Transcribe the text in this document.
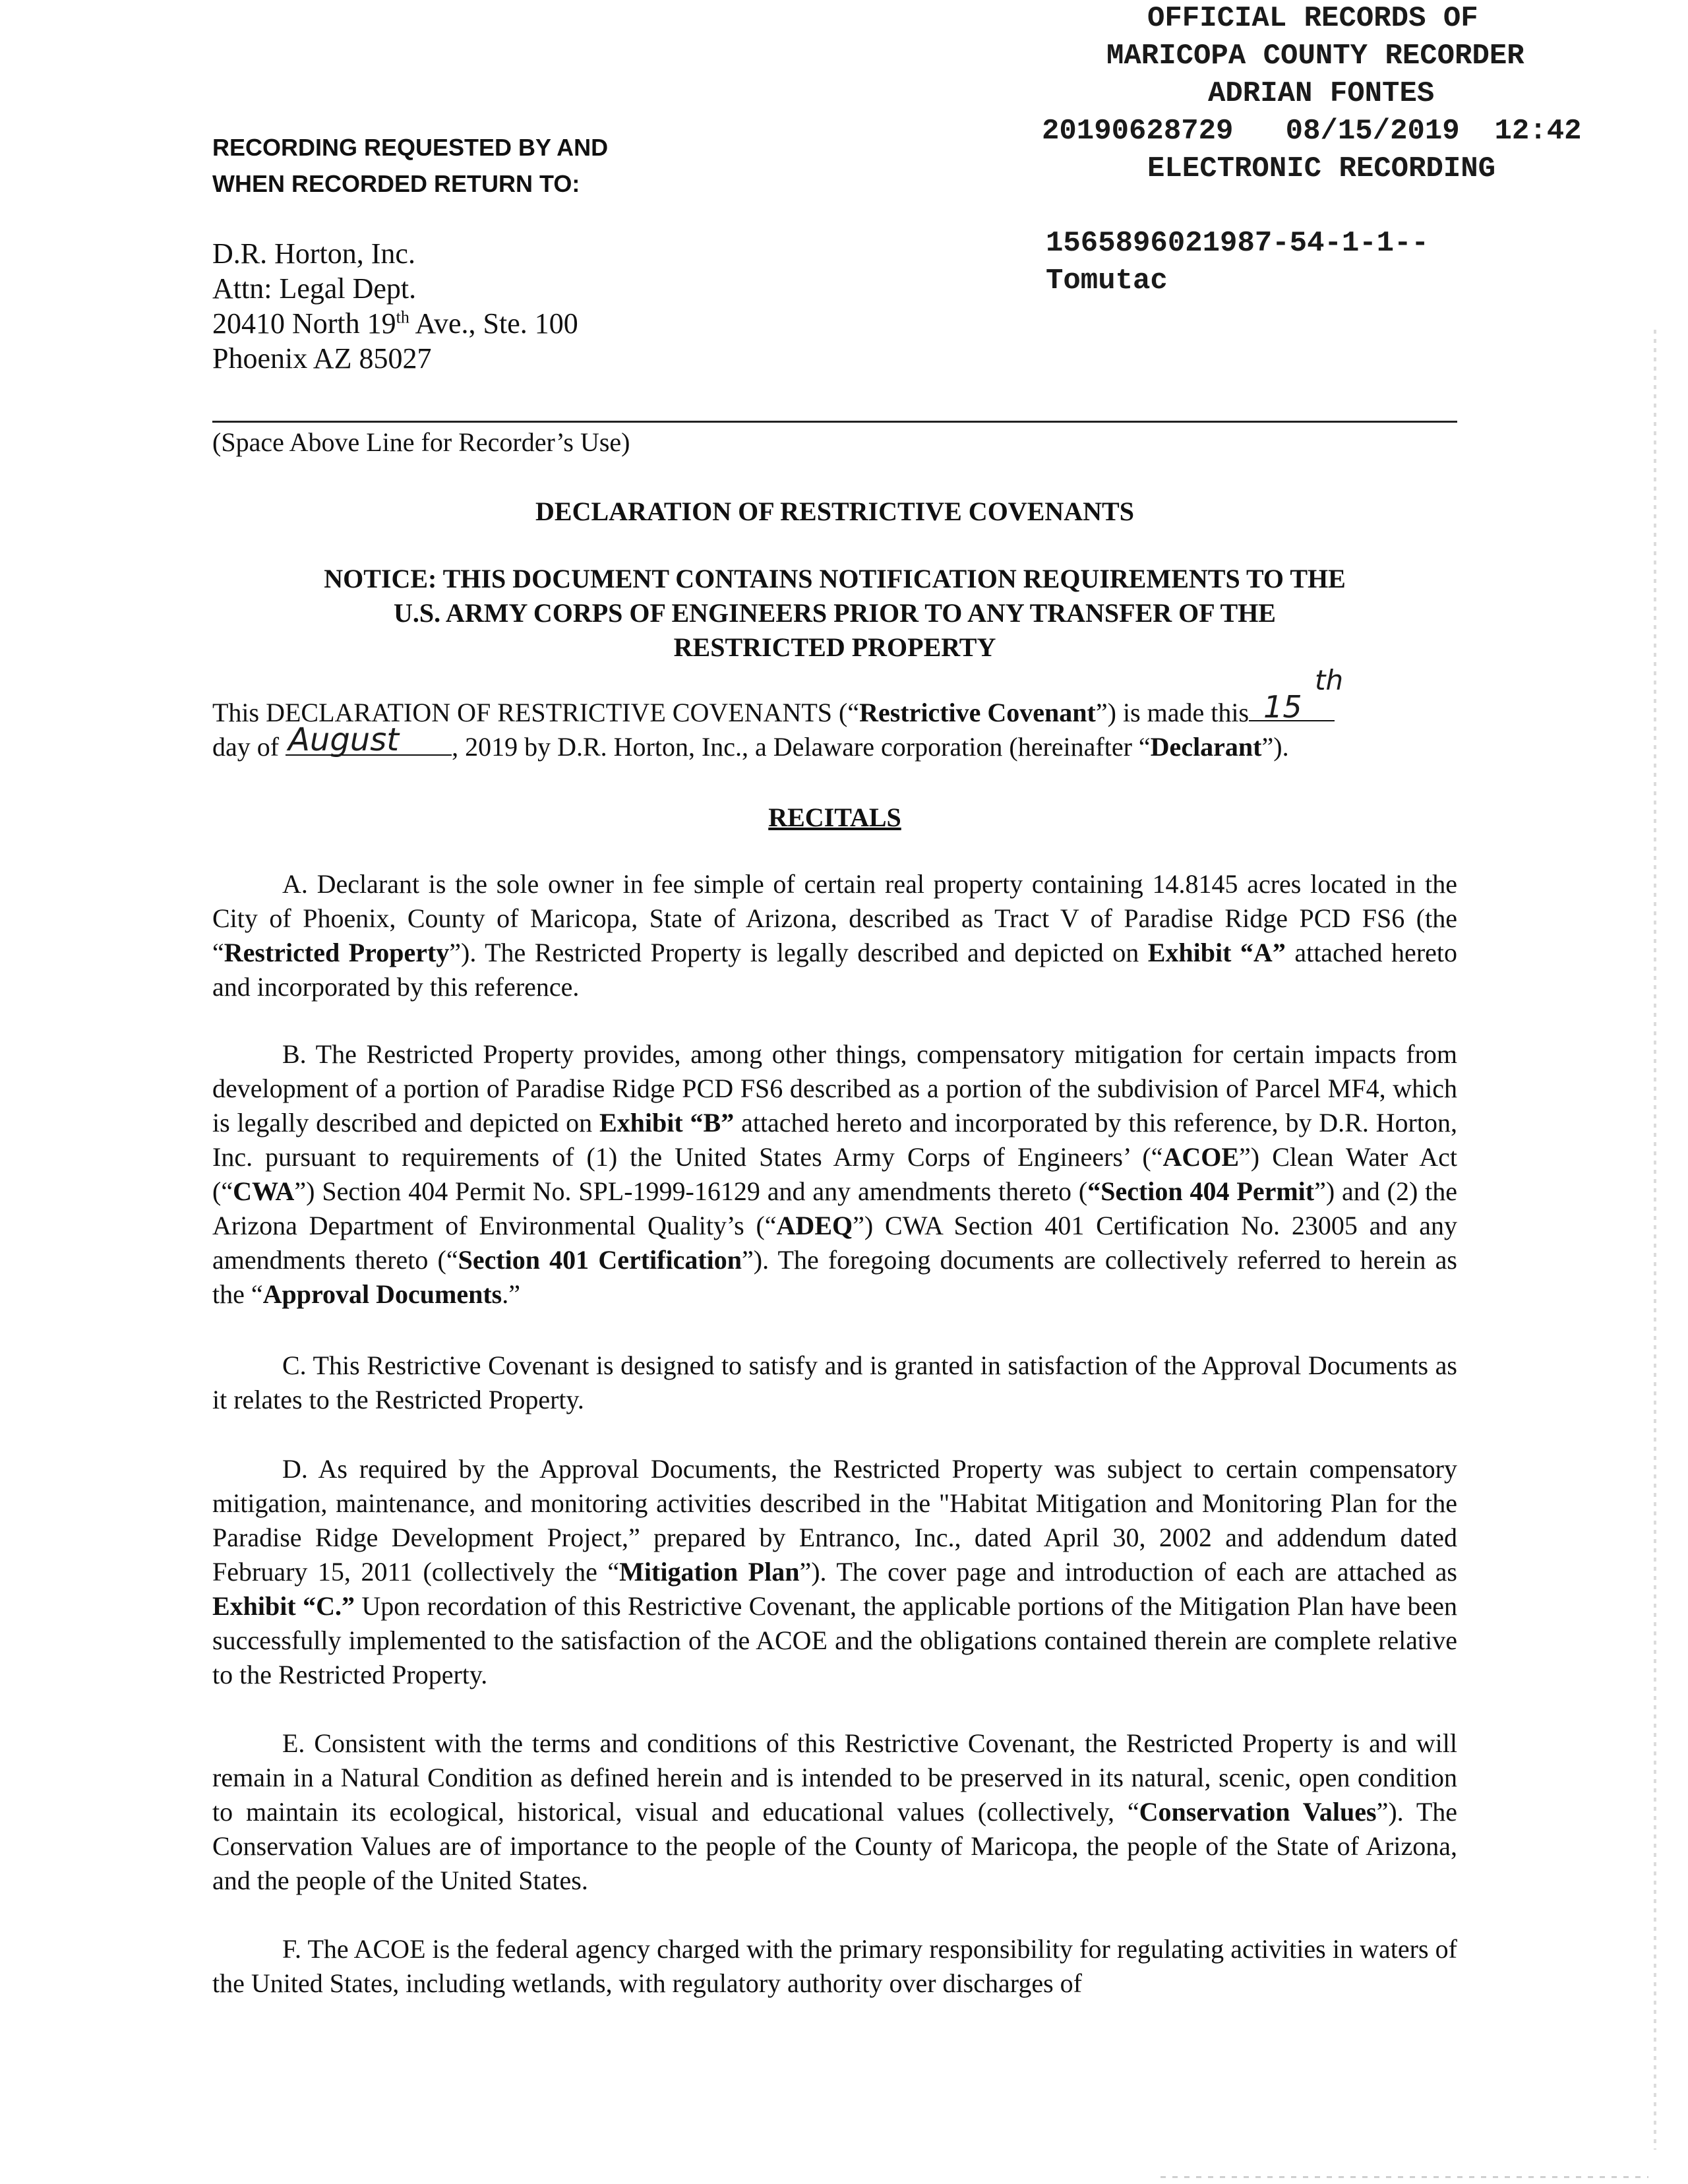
OFFICIAL RECORDS OF
MARICOPA COUNTY RECORDER
ADRIAN FONTES
20190628729 08/15/2019 12:42
ELECTRONIC RECORDING
1565896021987-54-1-1--
Tomutac
RECORDING REQUESTED BY AND
WHEN RECORDED RETURN TO:
D.R. Horton, Inc.
Attn: Legal Dept.
20410 North 19th Ave., Ste. 100
Phoenix AZ 85027
(Space Above Line for Recorder’s Use)
DECLARATION OF RESTRICTIVE COVENANTS
NOTICE: THIS DOCUMENT CONTAINS NOTIFICATION REQUIREMENTS TO THE
U.S. ARMY CORPS OF ENGINEERS PRIOR TO ANY TRANSFER OF THE
RESTRICTED PROPERTY
This DECLARATION OF RESTRICTIVE COVENANTS (“Restrictive Covenant”) is made this 15
th
day of August , 2019 by D.R. Horton, Inc., a Delaware corporation (hereinafter “Declarant”).
RECITALS
A. Declarant is the sole owner in fee simple of certain real property containing 14.8145 acres located in the City of Phoenix, County of Maricopa, State of Arizona, described as Tract V of Paradise Ridge PCD FS6 (the “Restricted Property”). The Restricted Property is legally described and depicted on Exhibit “A” attached hereto and incorporated by this reference.
B. The Restricted Property provides, among other things, compensatory mitigation for certain impacts from development of a portion of Paradise Ridge PCD FS6 described as a portion of the subdivision of Parcel MF4, which is legally described and depicted on Exhibit “B” attached hereto and incorporated by this reference, by D.R. Horton, Inc. pursuant to requirements of (1) the United States Army Corps of Engineers’ (“ACOE”) Clean Water Act (“CWA”) Section 404 Permit No. SPL-1999-16129 and any amendments thereto (“Section 404 Permit”) and (2) the Arizona Department of Environmental Quality’s (“ADEQ”) CWA Section 401 Certification No. 23005 and any amendments thereto (“Section 401 Certification”). The foregoing documents are collectively referred to herein as the “Approval Documents.”
C. This Restrictive Covenant is designed to satisfy and is granted in satisfaction of the Approval Documents as it relates to the Restricted Property.
D. As required by the Approval Documents, the Restricted Property was subject to certain compensatory mitigation, maintenance, and monitoring activities described in the "Habitat Mitigation and Monitoring Plan for the Paradise Ridge Development Project,” prepared by Entranco, Inc., dated April 30, 2002 and addendum dated February 15, 2011 (collectively the “Mitigation Plan”). The cover page and introduction of each are attached as Exhibit “C.” Upon recordation of this Restrictive Covenant, the applicable portions of the Mitigation Plan have been successfully implemented to the satisfaction of the ACOE and the obligations contained therein are complete relative to the Restricted Property.
E. Consistent with the terms and conditions of this Restrictive Covenant, the Restricted Property is and will remain in a Natural Condition as defined herein and is intended to be preserved in its natural, scenic, open condition to maintain its ecological, historical, visual and educational values (collectively, “Conservation Values”). The Conservation Values are of importance to the people of the County of Maricopa, the people of the State of Arizona, and the people of the United States.
F. The ACOE is the federal agency charged with the primary responsibility for regulating activities in waters of the United States, including wetlands, with regulatory authority over discharges of
